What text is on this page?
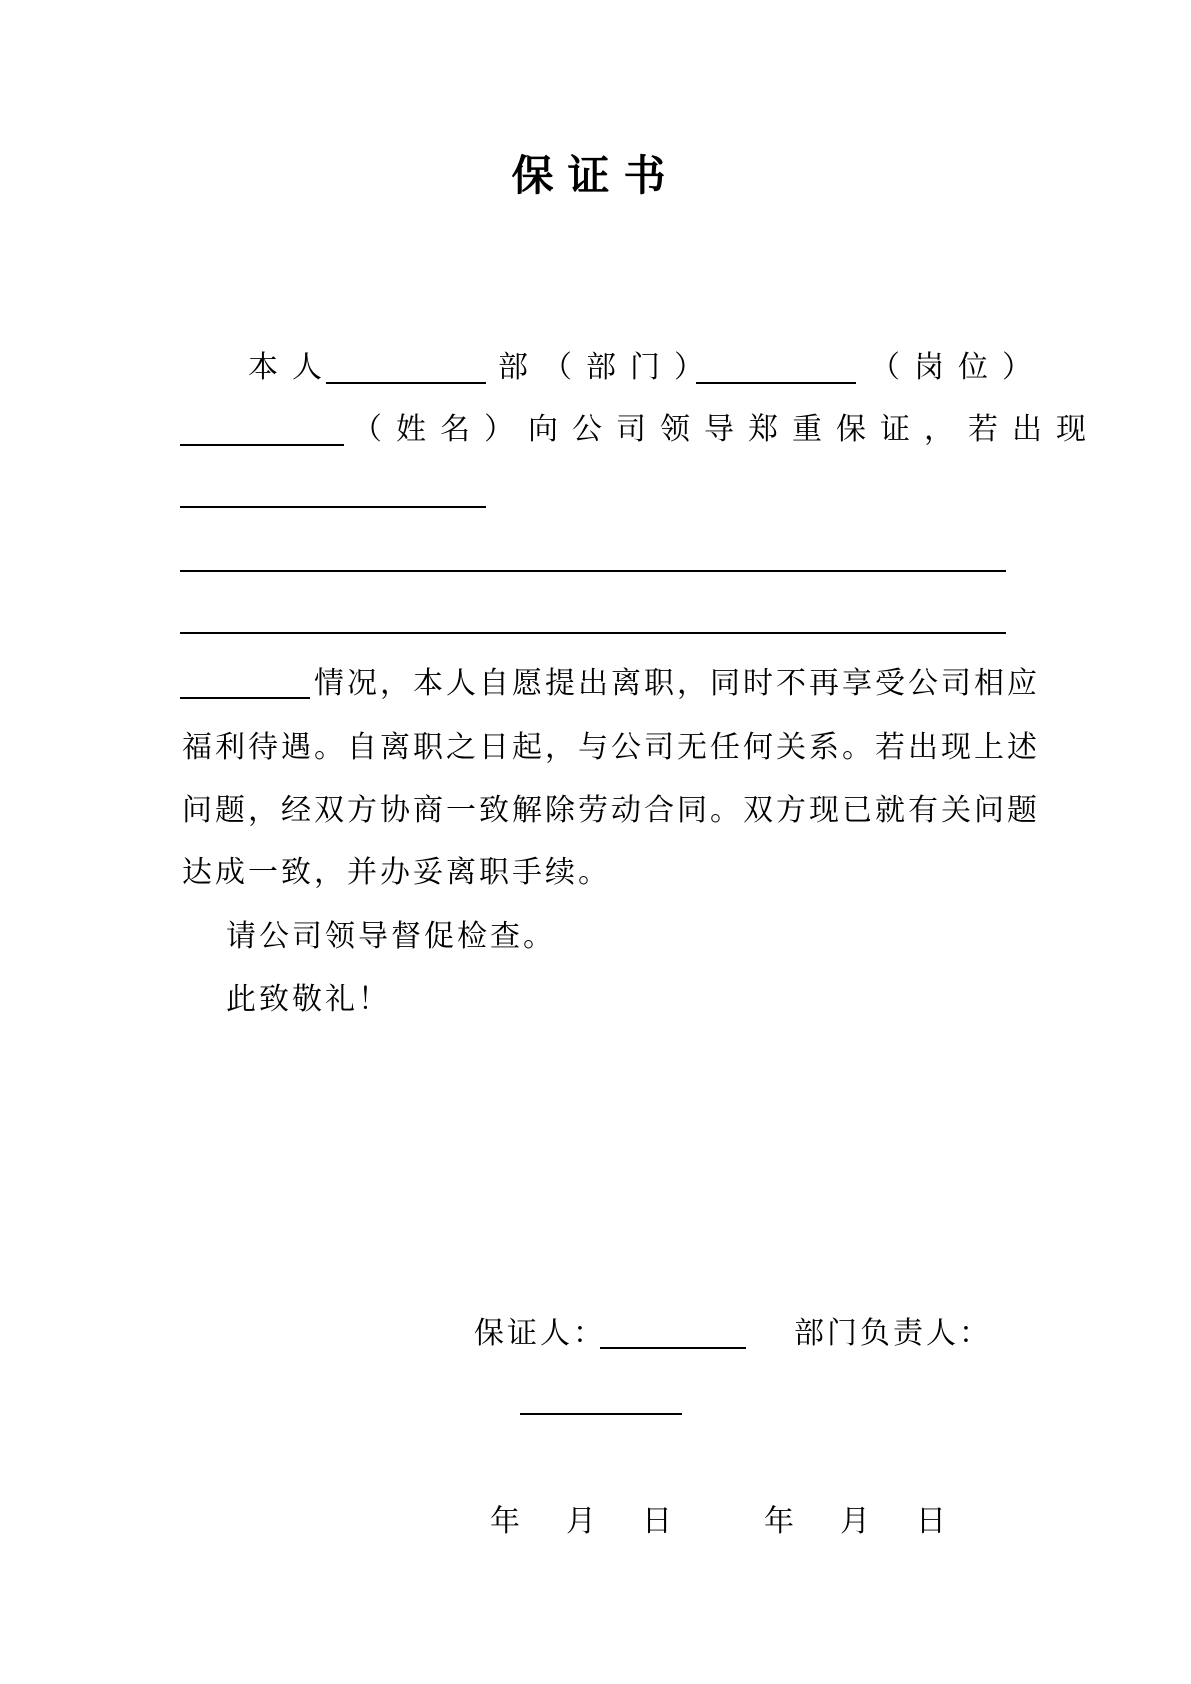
保证书
本人	部（部门）	（岗位）
（姓名）向公司领导郑重保证，若出现
情况，本人自愿提出离职，同时不再享受公司相应
福利待遇。自离职之日起，与公司无任何关系。若出现上述
问题，经双方协商一致解除劳动合同。双方现已就有关问题
达成一致，并办妥离职手续。
请公司领导督促检查。
此致敬礼！
保证人：	部门负责人：
年　月　日	年　月　日
